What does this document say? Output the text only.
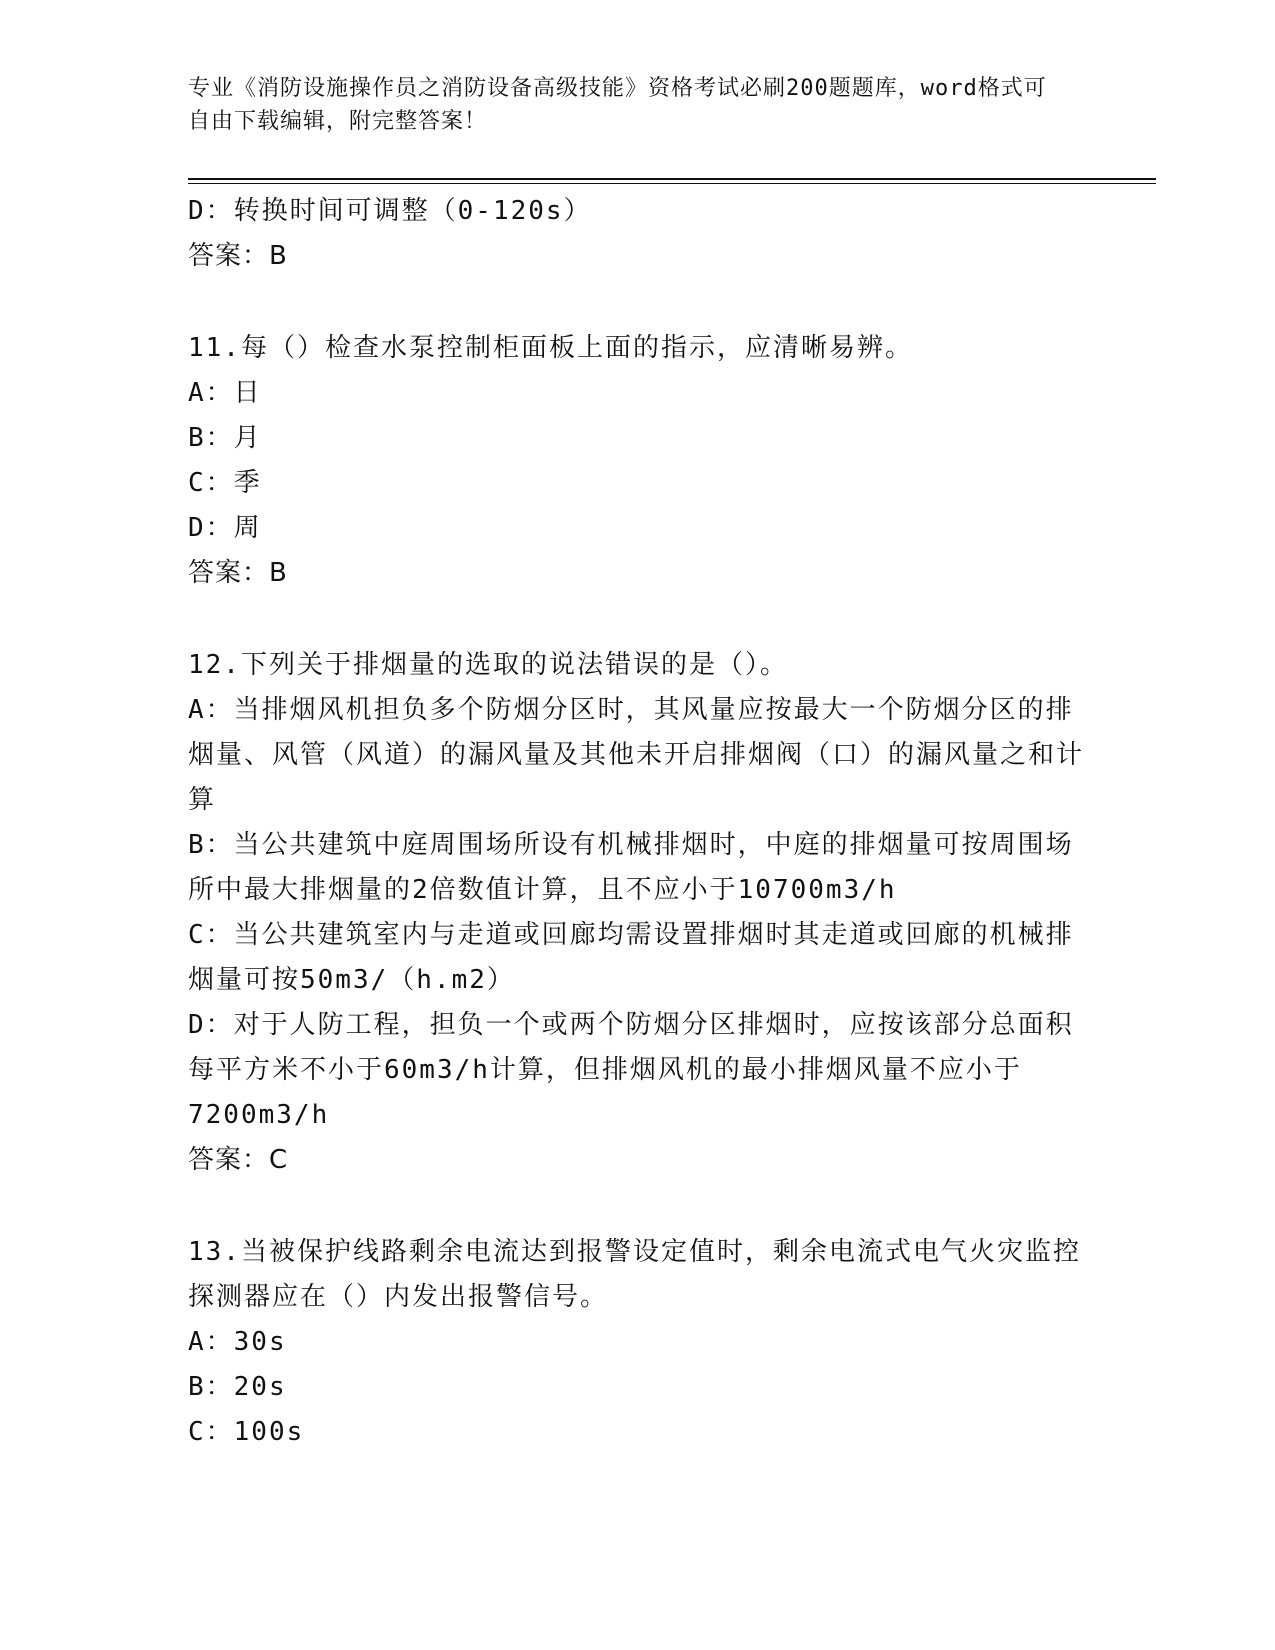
专业《消防设施操作员之消防设备高级技能》资格考试必刷200题题库，word格式可自由下载编辑，附完整答案！

D：转换时间可调整（0-120s）

答案：B

11.每（）检查水泵控制柜面板上面的指示，应清晰易辨。

A：日

B：月

C：季

D：周

答案：B

12.下列关于排烟量的选取的说法错误的是（）。

A：当排烟风机担负多个防烟分区时，其风量应按最大一个防烟分区的排烟量、风管（风道）的漏风量及其他未开启排烟阀（口）的漏风量之和计算

B：当公共建筑中庭周围场所设有机械排烟时，中庭的排烟量可按周围场所中最大排烟量的2倍数值计算，且不应小于10700m3/h

C：当公共建筑室内与走道或回廊均需设置排烟时其走道或回廊的机械排烟量可按50m3/（h.m2）

D：对于人防工程，担负一个或两个防烟分区排烟时，应按该部分总面积每平方米不小于60m3/h计算，但排烟风机的最小排烟风量不应小于7200m3/h

答案：C

13.当被保护线路剩余电流达到报警设定值时，剩余电流式电气火灾监控探测器应在（）内发出报警信号。

A：30s

B：20s

C：100s
